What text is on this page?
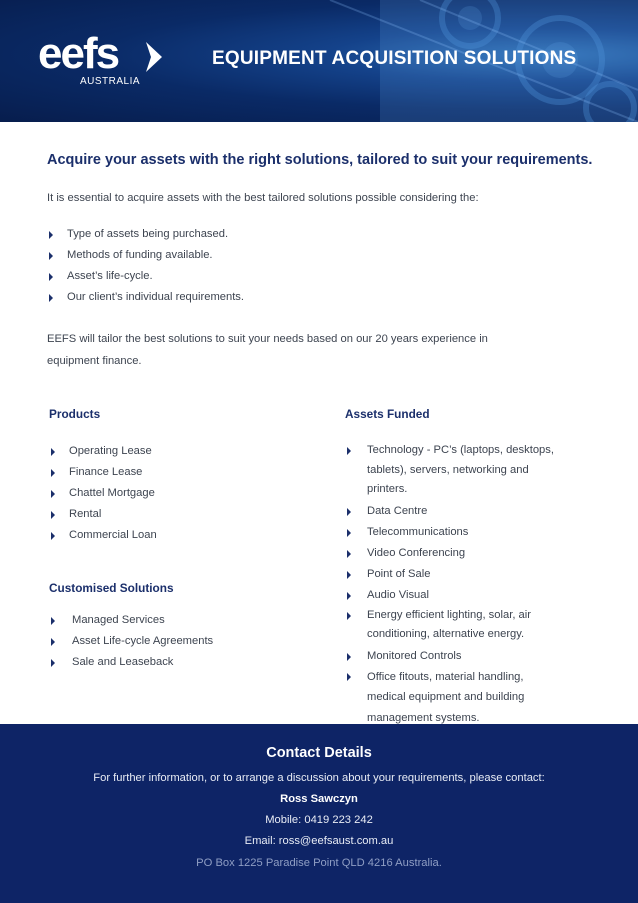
eefs
AUSTRALIA
EQUIPMENT ACQUISITION SOLUTIONS
Acquire your assets with the right solutions, tailored to suit your requirements.
It is essential to acquire assets with the best tailored solutions possible considering the:
Type of assets being purchased.
Methods of funding available.
Asset’s life-cycle.
Our client’s individual requirements.
EEFS will tailor the best solutions to suit your needs based on our 20 years experience in equipment finance.
Products
Operating Lease
Finance Lease
Chattel Mortgage
Rental
Commercial Loan
Customised Solutions
Managed Services
Asset Life-cycle Agreements
Sale and Leaseback
Assets Funded
Technology - PC’s (laptops, desktops, tablets), servers, networking and printers.
Data Centre
Telecommunications
Video Conferencing
Point of Sale
Audio Visual
Energy efficient lighting, solar, air conditioning, alternative energy.
Monitored Controls
Office fitouts, material handling, medical equipment and building management systems.
Contact Details
For further information, or to arrange a discussion about your requirements, please contact:
Ross Sawczyn
Mobile: 0419 223 242
Email: ross@eefsaust.com.au
PO Box 1225 Paradise Point QLD 4216 Australia.
